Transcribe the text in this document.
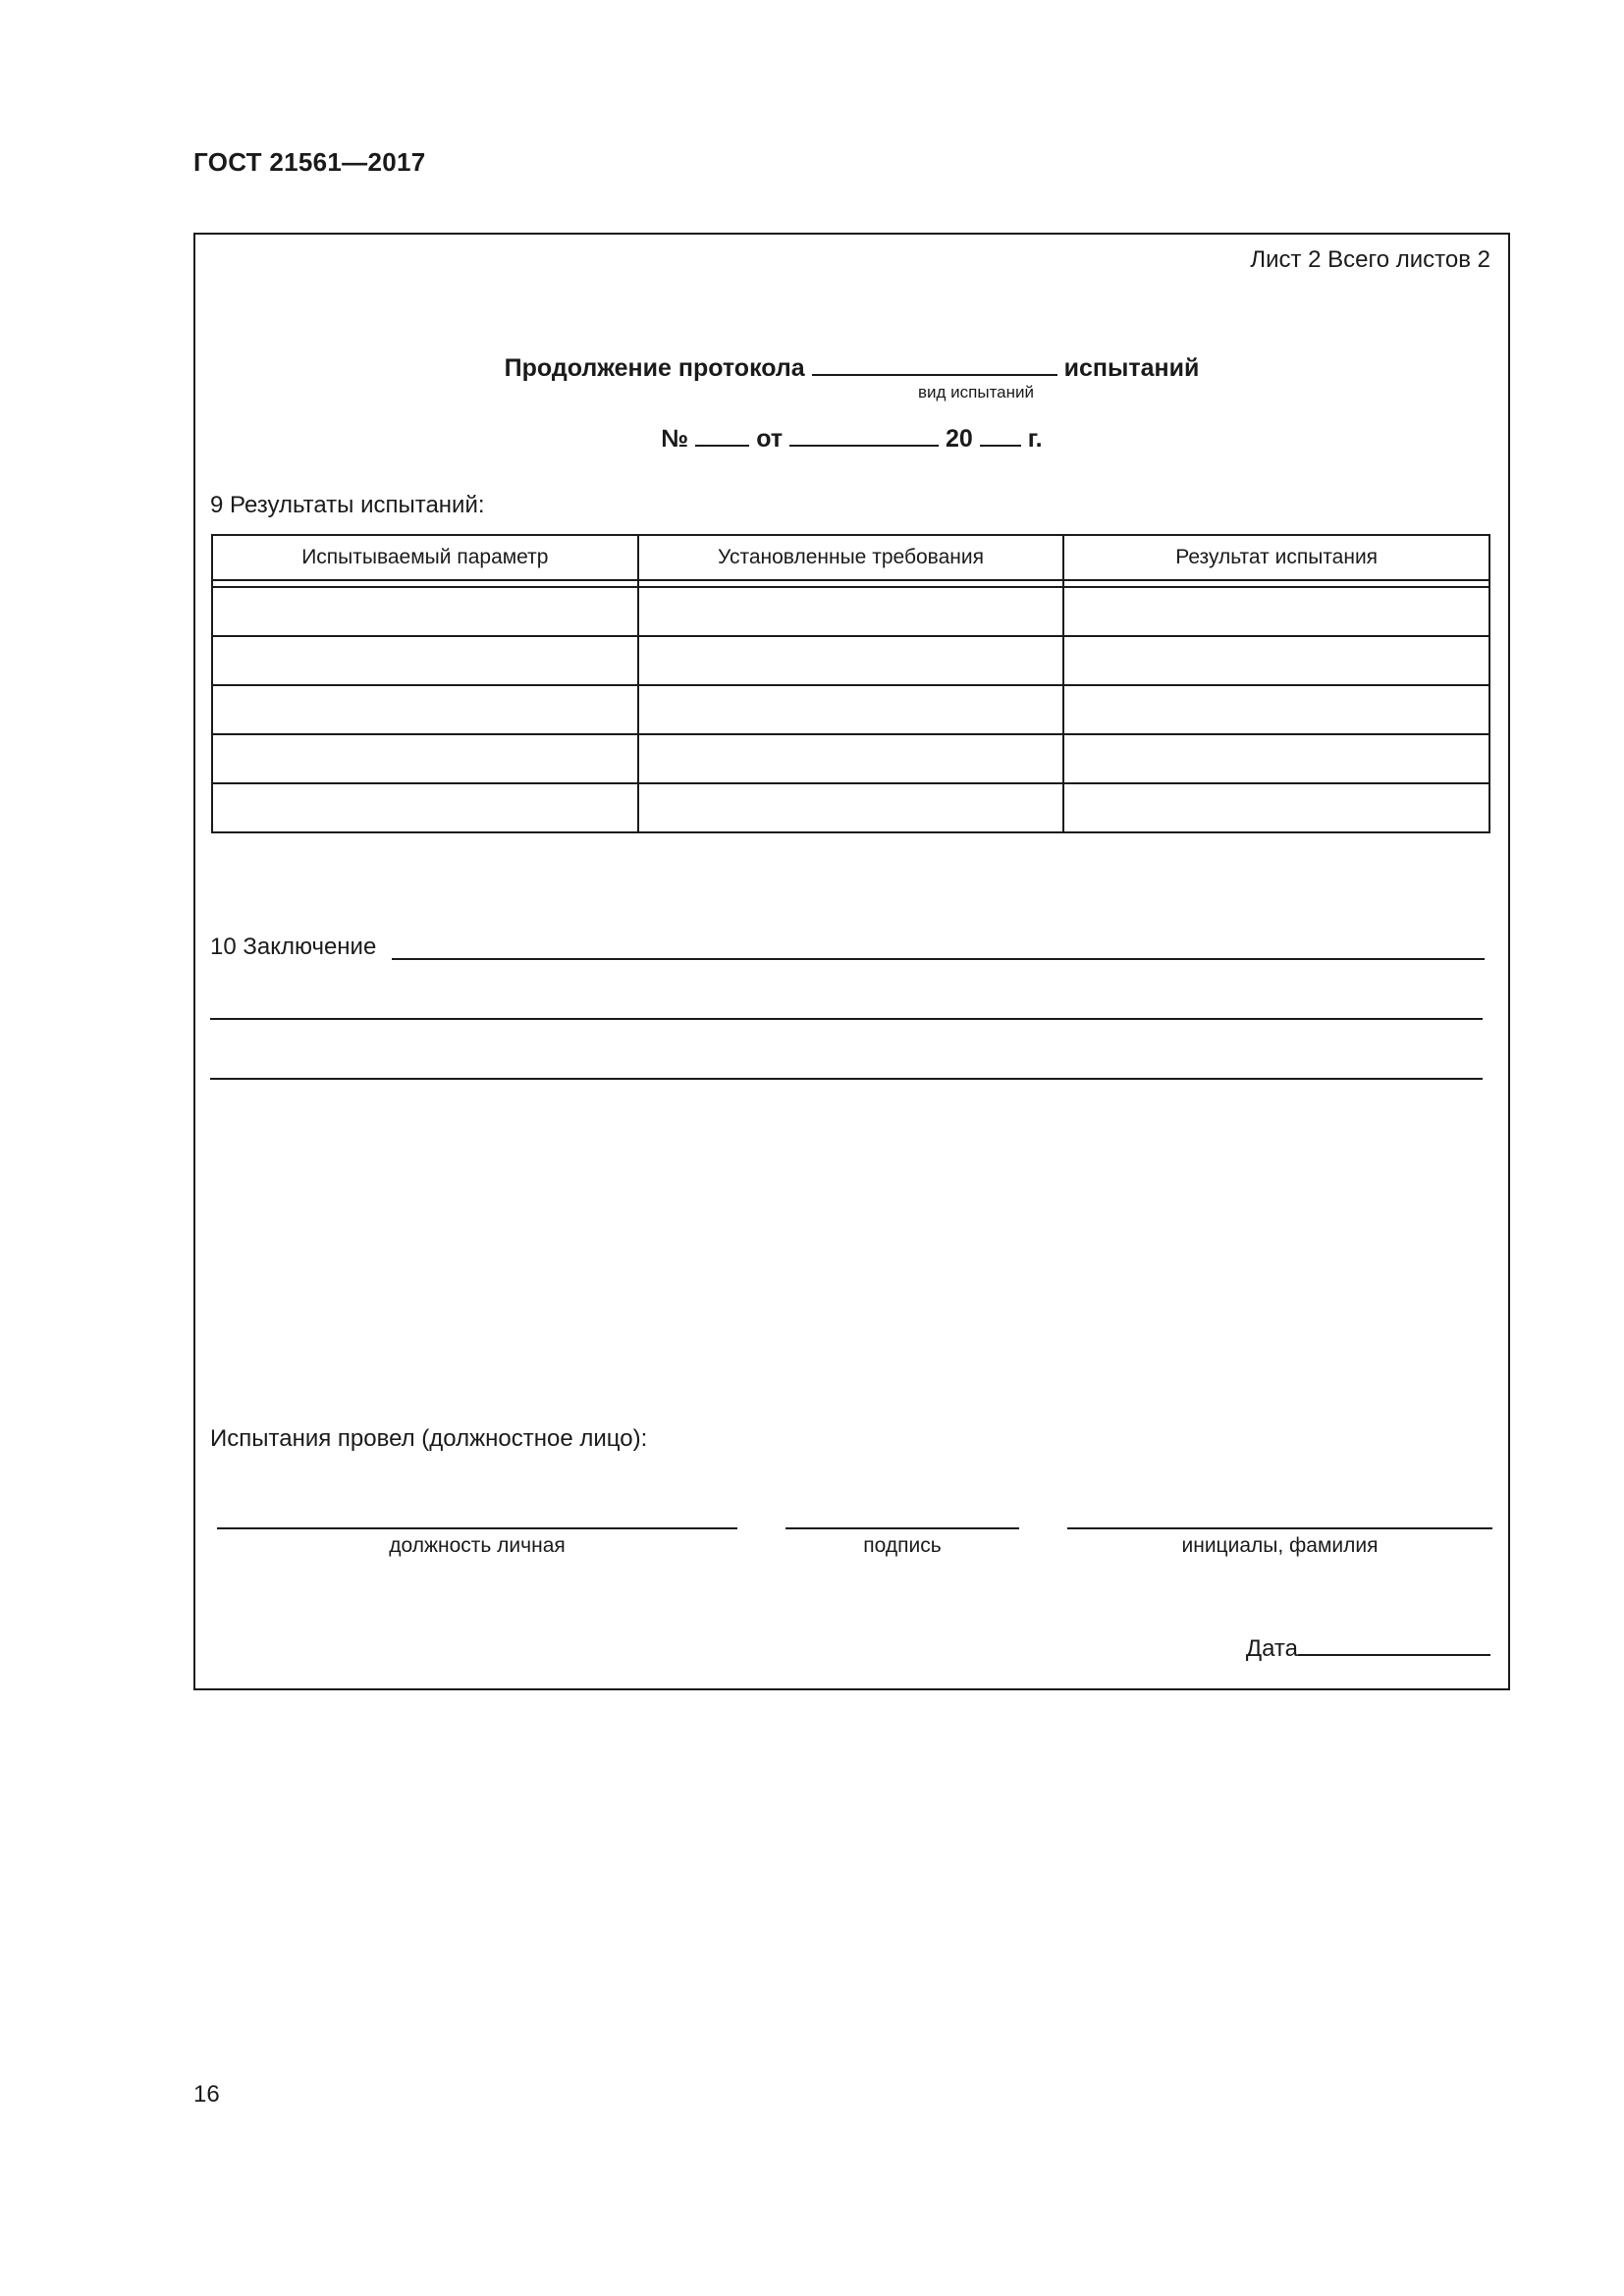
ГОСТ 21561—2017
Лист 2 Всего листов 2
Продолжение протокола	испытаний
вид испытаний
№	от	20 г.
9 Результаты испытаний:
Испытываемый параметр	Установленные требования	Результат испытания

10 Заключение
Испытания провел (должностное лицо):
должность личная	подпись	инициалы, фамилия
Дата
16
